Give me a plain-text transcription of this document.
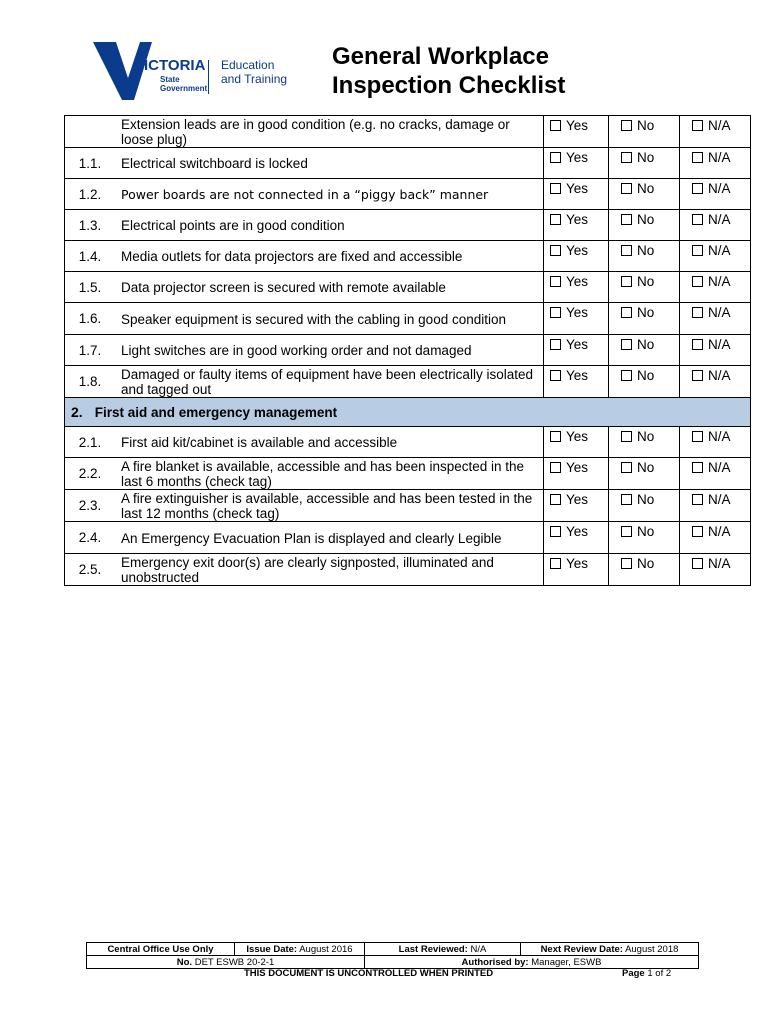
VICTORIA
State
Government
Education
and Training
General Workplace
Inspection Checklist
	Extension leads are in good condition (e.g. no cracks, damage or loose plug)	Yes	No	N/A
1.1.	Electrical switchboard is locked	Yes	No	N/A
1.2.	Power boards are not connected in a “piggy back” manner	Yes	No	N/A
1.3.	Electrical points are in good condition	Yes	No	N/A
1.4.	Media outlets for data projectors are fixed and accessible	Yes	No	N/A
1.5.	Data projector screen is secured with remote available	Yes	No	N/A
1.6.	Speaker equipment is secured with the cabling in good condition	Yes	No	N/A
1.7.	Light switches are in good working order and not damaged	Yes	No	N/A
1.8.	Damaged or faulty items of equipment have been electrically isolated and tagged out	Yes	No	N/A
2. First aid and emergency management				
2.1.	First aid kit/cabinet is available and accessible	Yes	No	N/A
2.2.	A fire blanket is available, accessible and has been inspected in the last 6 months (check tag)	Yes	No	N/A
2.3.	A fire extinguisher is available, accessible and has been tested in the last 12 months (check tag)	Yes	No	N/A
2.4.	An Emergency Evacuation Plan is displayed and clearly Legible	Yes	No	N/A
2.5.	Emergency exit door(s) are clearly signposted, illuminated and unobstructed	Yes	No	N/A
Central Office Use Only	Issue Date: August 2016	Last Reviewed: N/A	Next Review Date: August 2018
No. DET ESWB 20-2-1		Authorised by: Manager, ESWB	
THIS DOCUMENT IS UNCONTROLLED WHEN PRINTED	Page 1 of 2
